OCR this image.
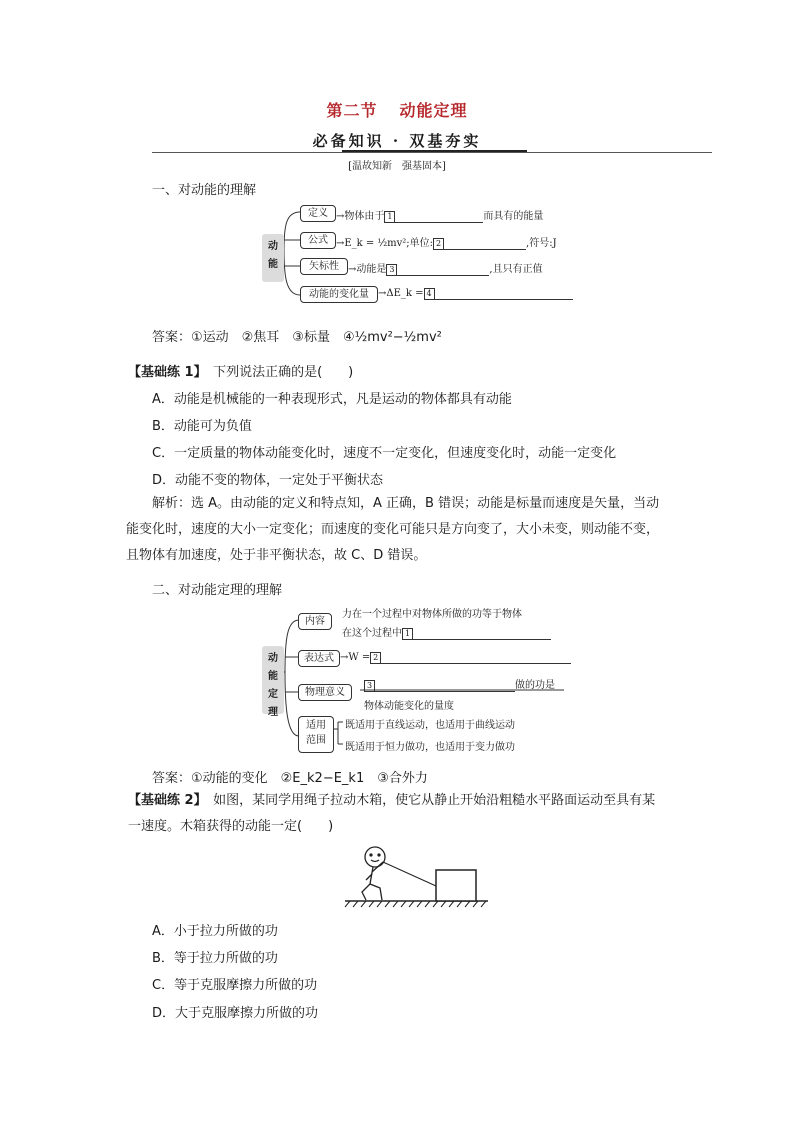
第二节 动能定理
必备知识 · 双基夯实
[温故知新　强基固本]
一、对动能的理解
动能
定义 →物体由于 1	而具有的能量
公式 →E_k = ½mv²;单位: 2	,符号:J
矢标性 →动能是 3	,且只有正值
动能的变化量 →ΔE_k = 4
答案：①运动　②焦耳　③标量　④½mv²−½mv²
【基础练 1】　下列说法正确的是(　　)
A．动能是机械能的一种表现形式，凡是运动的物体都具有动能
B．动能可为负值
C．一定质量的物体动能变化时，速度不一定变化，但速度变化时，动能一定变化
D．动能不变的物体，一定处于平衡状态
解析：选 A。由动能的定义和特点知，A 正确，B 错误；动能是标量而速度是矢量，当动能变化时，速度的大小一定变化；而速度的变化可能只是方向变了，大小未变，则动能不变，且物体有加速度，处于非平衡状态，故 C、D 错误。
二、对动能定理的理解
动能定理
内容
力在一个过程中对物体所做的功等于物体
在这个过程中 1
表达式 →W = 2
物理意义
3	做的功是
物体动能变化的量度
适用
范围
既适用于直线运动，也适用于曲线运动
既适用于恒力做功，也适用于变力做功
答案：①动能的变化　②E_k2−E_k1　③合外力
【基础练 2】　如图，某同学用绳子拉动木箱，使它从静止开始沿粗糙水平路面运动至具有某一速度。木箱获得的动能一定(　　)
A．小于拉力所做的功
B．等于拉力所做的功
C．等于克服摩擦力所做的功
D．大于克服摩擦力所做的功
